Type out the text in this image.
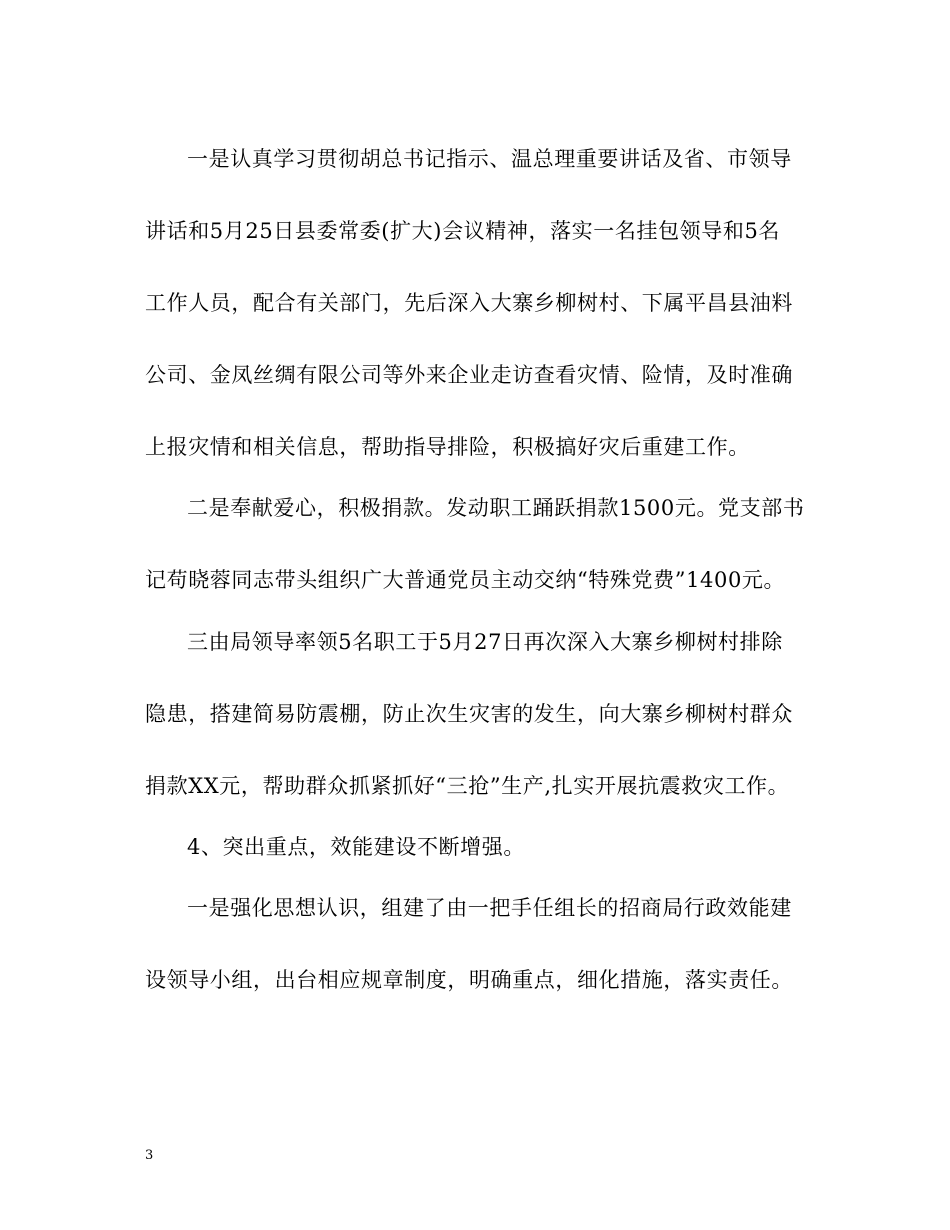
一是认真学习贯彻胡总书记指示、温总理重要讲话及省、市领导
讲话和5月25日县委常委(扩大)会议精神，落实一名挂包领导和5名
工作人员，配合有关部门，先后深入大寨乡柳树村、下属平昌县油料
公司、金凤丝绸有限公司等外来企业走访查看灾情、险情，及时准确
上报灾情和相关信息，帮助指导排险，积极搞好灾后重建工作。
二是奉献爱心，积极捐款。发动职工踊跃捐款1500元。党支部书
记苟晓蓉同志带头组织广大普通党员主动交纳“特殊党费”1400元。
三由局领导率领5名职工于5月27日再次深入大寨乡柳树村排除
隐患，搭建简易防震棚，防止次生灾害的发生，向大寨乡柳树村群众
捐款XX元，帮助群众抓紧抓好“三抢”生产,扎实开展抗震救灾工作。
4、突出重点，效能建设不断增强。
一是强化思想认识，组建了由一把手任组长的招商局行政效能建
设领导小组，出台相应规章制度，明确重点，细化措施，落实责任。
3
